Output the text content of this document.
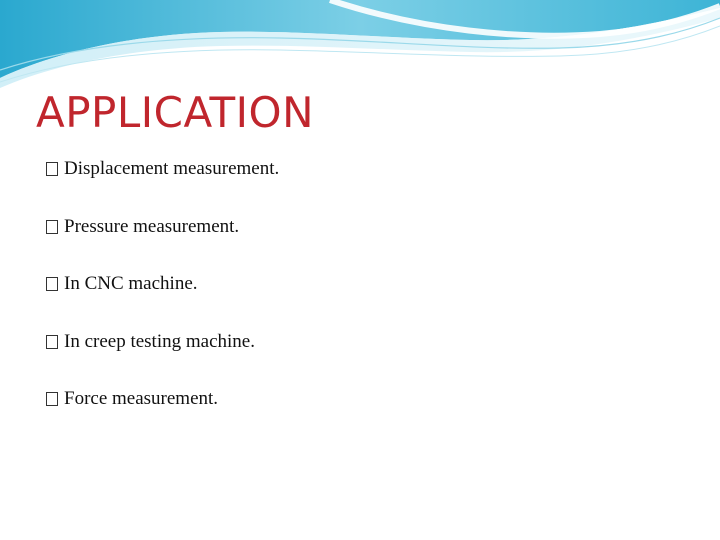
APPLICATION
Displacement measurement.
Pressure measurement.
In CNC machine.
In creep testing machine.
Force measurement.
